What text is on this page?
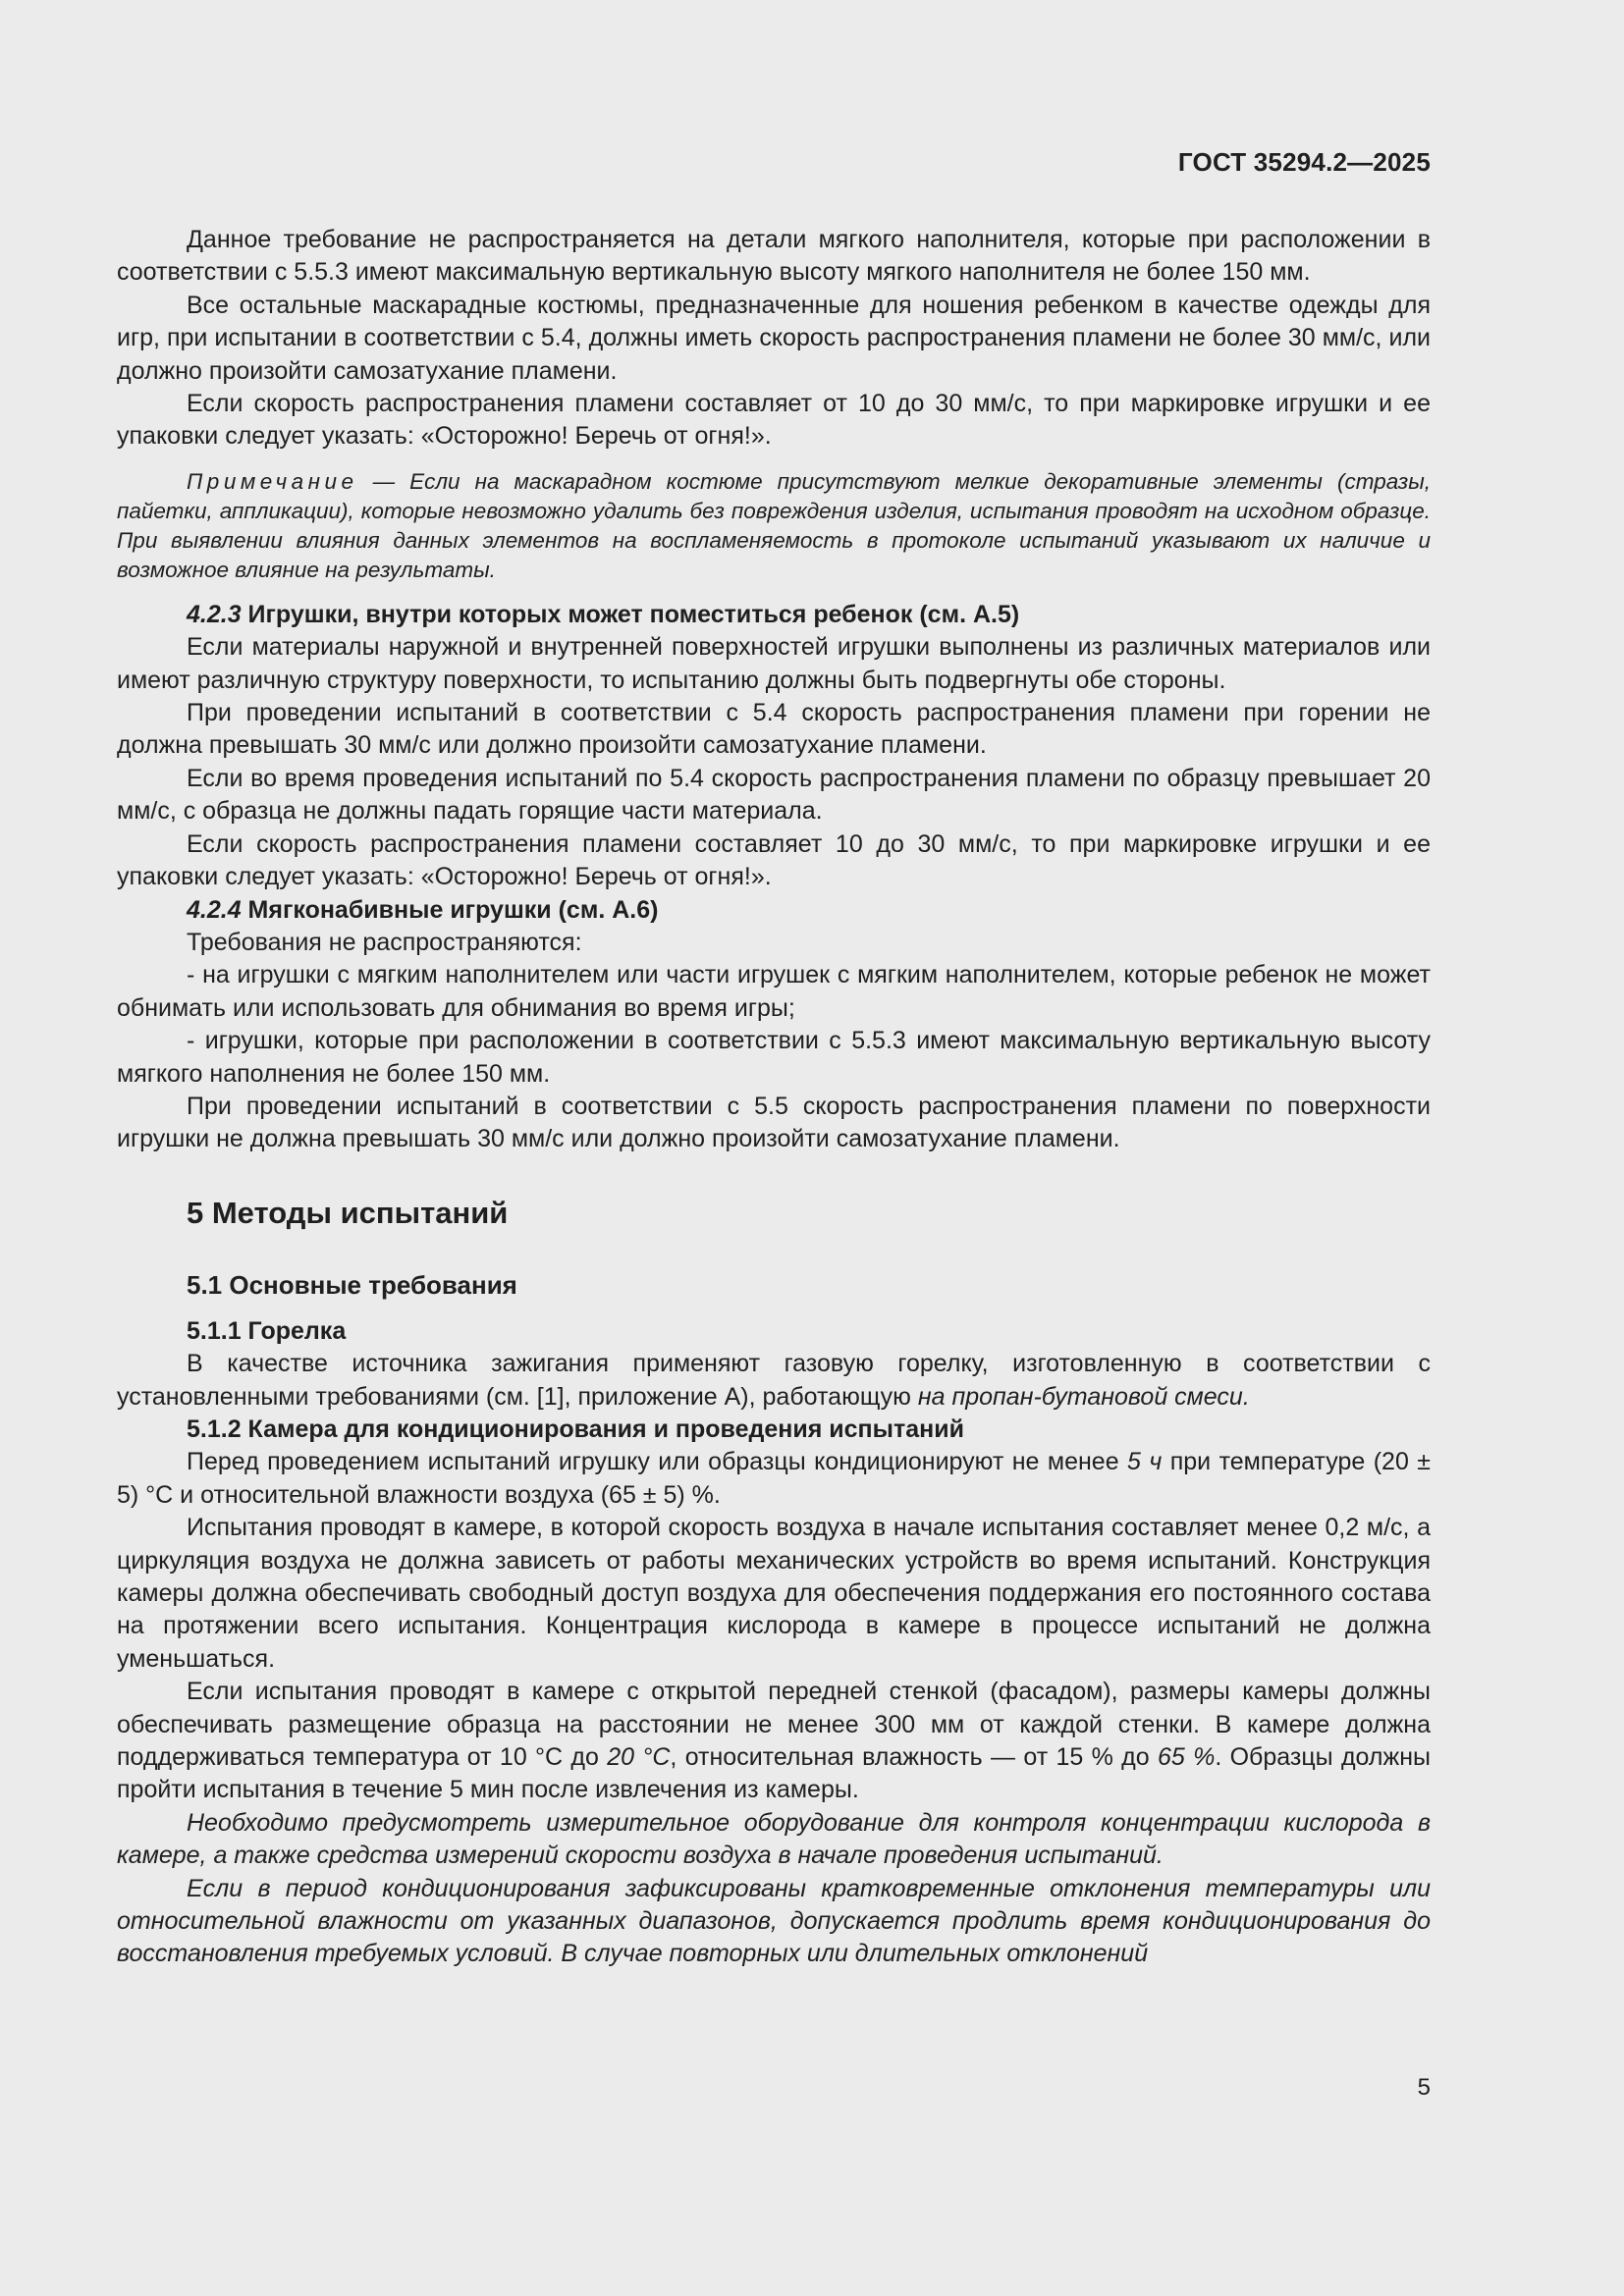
ГОСТ 35294.2—2025

Данное требование не распространяется на детали мягкого наполнителя, которые при расположении в соответствии с 5.5.3 имеют максимальную вертикальную высоту мягкого наполнителя не более 150 мм.

Все остальные маскарадные костюмы, предназначенные для ношения ребенком в качестве одежды для игр, при испытании в соответствии с 5.4, должны иметь скорость распространения пламени не более 30 мм/с, или должно произойти самозатухание пламени.

Если скорость распространения пламени составляет от 10 до 30 мм/с, то при маркировке игрушки и ее упаковки следует указать: «Осторожно! Беречь от огня!».

Примечание — Если на маскарадном костюме присутствуют мелкие декоративные элементы (стразы, пайетки, аппликации), которые невозможно удалить без повреждения изделия, испытания проводят на исходном образце. При выявлении влияния данных элементов на воспламеняемость в протоколе испытаний указывают их наличие и возможное влияние на результаты.

4.2.3 Игрушки, внутри которых может поместиться ребенок (см. А.5)

Если материалы наружной и внутренней поверхностей игрушки выполнены из различных материалов или имеют различную структуру поверхности, то испытанию должны быть подвергнуты обе стороны.

При проведении испытаний в соответствии с 5.4 скорость распространения пламени при горении не должна превышать 30 мм/с или должно произойти самозатухание пламени.

Если во время проведения испытаний по 5.4 скорость распространения пламени по образцу превышает 20 мм/с, с образца не должны падать горящие части материала.

Если скорость распространения пламени составляет 10 до 30 мм/с, то при маркировке игрушки и ее упаковки следует указать: «Осторожно! Беречь от огня!».

4.2.4 Мягконабивные игрушки (см. А.6)

Требования не распространяются:

- на игрушки с мягким наполнителем или части игрушек с мягким наполнителем, которые ребенок не может обнимать или использовать для обнимания во время игры;

- игрушки, которые при расположении в соответствии с 5.5.3 имеют максимальную вертикальную высоту мягкого наполнения не более 150 мм.

При проведении испытаний в соответствии с 5.5 скорость распространения пламени по поверхности игрушки не должна превышать 30 мм/с или должно произойти самозатухание пламени.

5 Методы испытаний
5.1 Основные требования
5.1.1 Горелка

В качестве источника зажигания применяют газовую горелку, изготовленную в соответствии с установленными требованиями (см. [1], приложение А), работающую на пропан-бутановой смеси.

5.1.2 Камера для кондиционирования и проведения испытаний

Перед проведением испытаний игрушку или образцы кондиционируют не менее 5 ч при температуре (20 ± 5) °С и относительной влажности воздуха (65 ± 5) %.

Испытания проводят в камере, в которой скорость воздуха в начале испытания составляет менее 0,2 м/с, а циркуляция воздуха не должна зависеть от работы механических устройств во время испытаний. Конструкция камеры должна обеспечивать свободный доступ воздуха для обеспечения поддержания его постоянного состава на протяжении всего испытания. Концентрация кислорода в камере в процессе испытаний не должна уменьшаться.

Если испытания проводят в камере с открытой передней стенкой (фасадом), размеры камеры должны обеспечивать размещение образца на расстоянии не менее 300 мм от каждой стенки. В камере должна поддерживаться температура от 10 °С до 20 °С, относительная влажность — от 15 % до 65 %. Образцы должны пройти испытания в течение 5 мин после извлечения из камеры.

Необходимо предусмотреть измерительное оборудование для контроля концентрации кислорода в камере, а также средства измерений скорости воздуха в начале проведения испытаний.

Если в период кондиционирования зафиксированы кратковременные отклонения температуры или относительной влажности от указанных диапазонов, допускается продлить время кондиционирования до восстановления требуемых условий. В случае повторных или длительных отклонений

5
